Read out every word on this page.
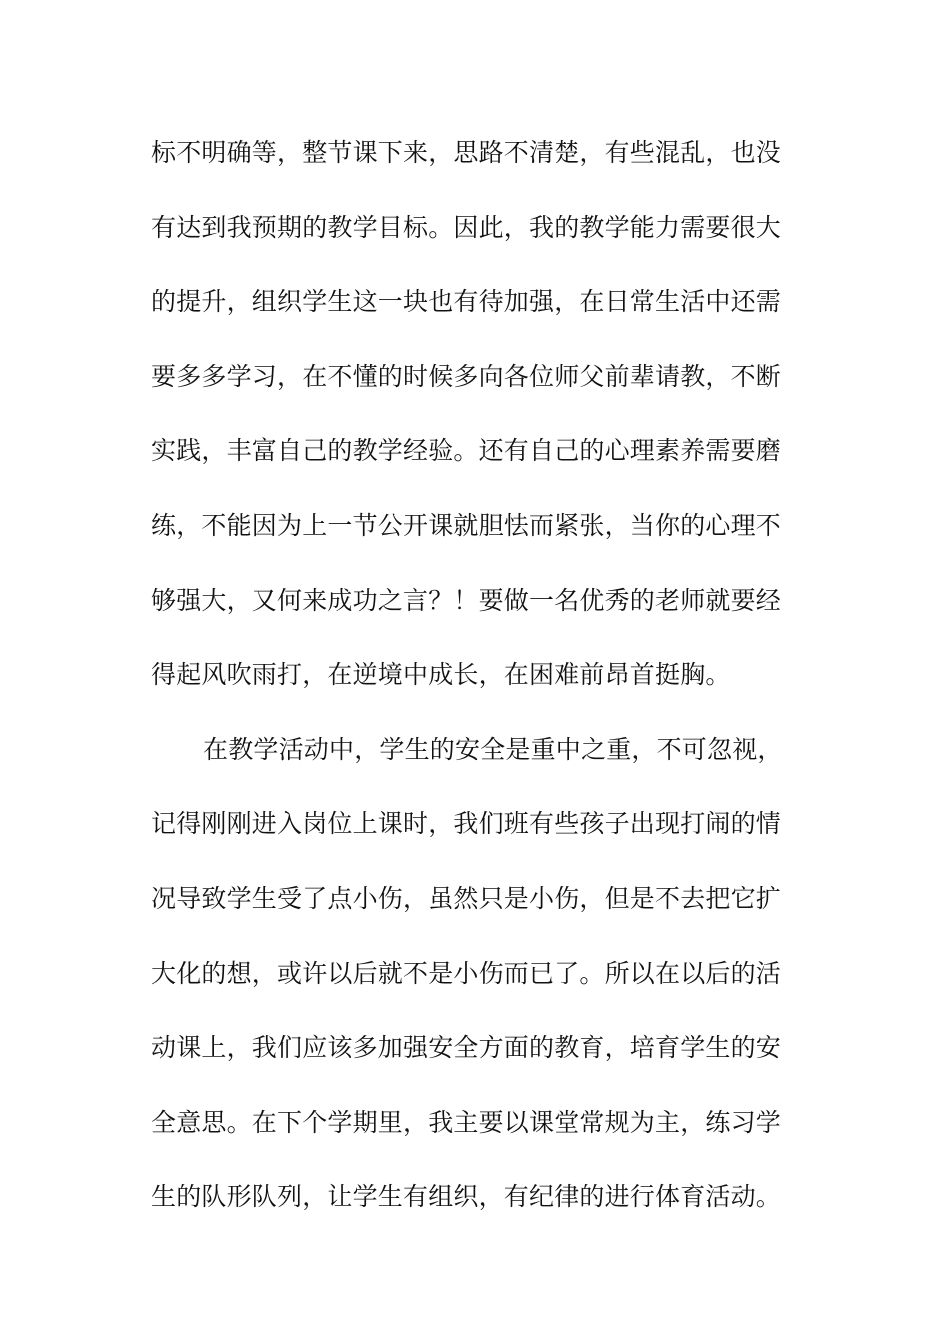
标不明确等，整节课下来，思路不清楚，有些混乱，也没
有达到我预期的教学目标。因此，我的教学能力需要很大
的提升，组织学生这一块也有待加强，在日常生活中还需
要多多学习，在不懂的时候多向各位师父前辈请教，不断
实践，丰富自己的教学经验。还有自己的心理素养需要磨
练，不能因为上一节公开课就胆怯而紧张，当你的心理不
够强大，又何来成功之言？！要做一名优秀的老师就要经
得起风吹雨打，在逆境中成长，在困难前昂首挺胸。
在教学活动中，学生的安全是重中之重，不可忽视，
记得刚刚进入岗位上课时，我们班有些孩子出现打闹的情
况导致学生受了点小伤，虽然只是小伤，但是不去把它扩
大化的想，或许以后就不是小伤而已了。所以在以后的活
动课上，我们应该多加强安全方面的教育，培育学生的安
全意思。在下个学期里，我主要以课堂常规为主，练习学
生的队形队列，让学生有组织，有纪律的进行体育活动。
